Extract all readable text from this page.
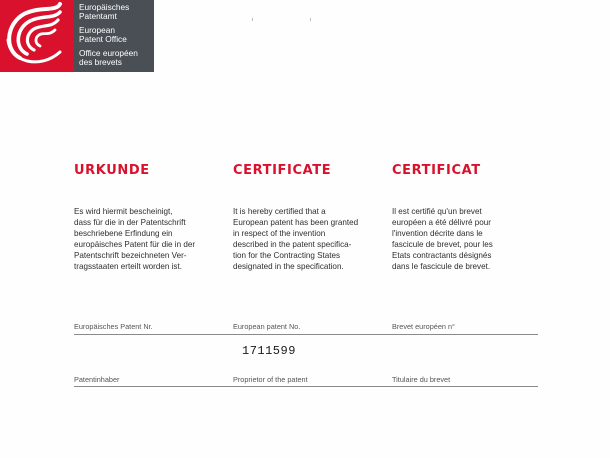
Europäisches
Patentamt
European
Patent Office
Office européen
des brevets
URKUNDE	CERTIFICATE	CERTIFICAT
Es wird hiermit bescheinigt,
dass für die in der Patentschrift
beschriebene Erfindung ein
europäisches Patent für die in der
Patentschrift bezeichneten Ver-
tragsstaaten erteilt worden ist.
It is hereby certified that a
European patent has been granted
in respect of the invention
described in the patent specifica-
tion for the Contracting States
designated in the specification.
Il est certifié qu'un brevet
européen a été délivré pour
l'invention décrite dans le
fascicule de brevet, pour les
Etats contractants désignés
dans le fascicule de brevet.
Europäisches Patent Nr.	European patent No.	Brevet européen n°
1711599
Patentinhaber	Proprietor of the patent	Titulaire du brevet
